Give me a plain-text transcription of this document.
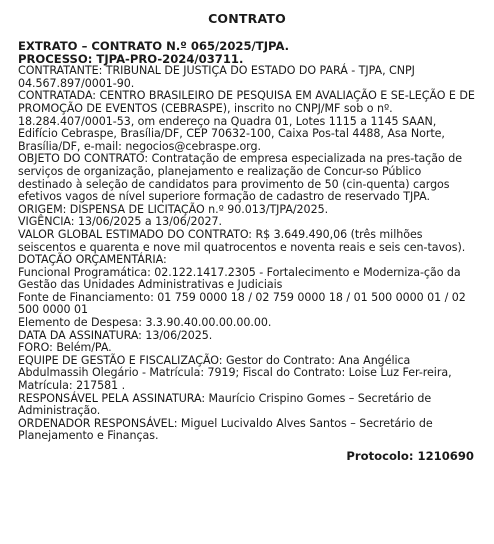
CONTRATO

EXTRATO – CONTRATO N.º 065/2025/TJPA.

PROCESSO: TJPA-PRO-2024/03711.

CONTRATANTE: TRIBUNAL DE JUSTIÇA DO ESTADO DO PARÁ - TJPA, CNPJ 04.567.897/0001-90.

CONTRATADA: CENTRO BRASILEIRO DE PESQUISA EM AVALIAÇÃO E SE-LEÇÃO E DE PROMOÇÃO DE EVENTOS (CEBRASPE), inscrito no CNPJ/MF sob o nº. 18.284.407/0001-53, om endereço na Quadra 01, Lotes 1115 a 1145 SAAN, Edifício Cebraspe, Brasília/DF, CEP 70632-100, Caixa Pos-tal 4488, Asa Norte, Brasília/DF, e-mail: negocios@cebraspe.org.

OBJETO DO CONTRATO: Contratação de empresa especializada na pres-tação de serviços de organização, planejamento e realização de Concur-so Público destinado à seleção de candidatos para provimento de 50 (cin-quenta) cargos efetivos vagos de nível superiore formação de cadastro de reservado TJPA.

ORIGEM: DISPENSA DE LICITAÇÃO n.º 90.013/TJPA/2025.

VIGÊNCIA: 13/06/2025 a 13/06/2027.

VALOR GLOBAL ESTIMADO DO CONTRATO: R$ 3.649.490,06 (três milhões seiscentos e quarenta e nove mil quatrocentos e noventa reais e seis cen-tavos).

DOTAÇÃO ORÇAMENTÁRIA:

Funcional Programática: 02.122.1417.2305 - Fortalecimento e Moderniza-ção da Gestão das Unidades Administrativas e Judiciais

Fonte de Financiamento: 01 759 0000 18 / 02 759 0000 18 / 01 500 0000 01 / 02 500 0000 01

Elemento de Despesa: 3.3.90.40.00.00.00.00.

DATA DA ASSINATURA: 13/06/2025.

FORO: Belém/PA.

EQUIPE DE GESTÃO E FISCALIZAÇÃO: Gestor do Contrato: Ana Angélica Abdulmassih Olegário - Matrícula: 7919; Fiscal do Contrato: Loise Luz Fer-reira, Matrícula: 217581 .

RESPONSÁVEL PELA ASSINATURA: Maurício Crispino Gomes – Secretário de Administração.

ORDENADOR RESPONSÁVEL: Miguel Lucivaldo Alves Santos – Secretário de Planejamento e Finanças.

Protocolo: 1210690
